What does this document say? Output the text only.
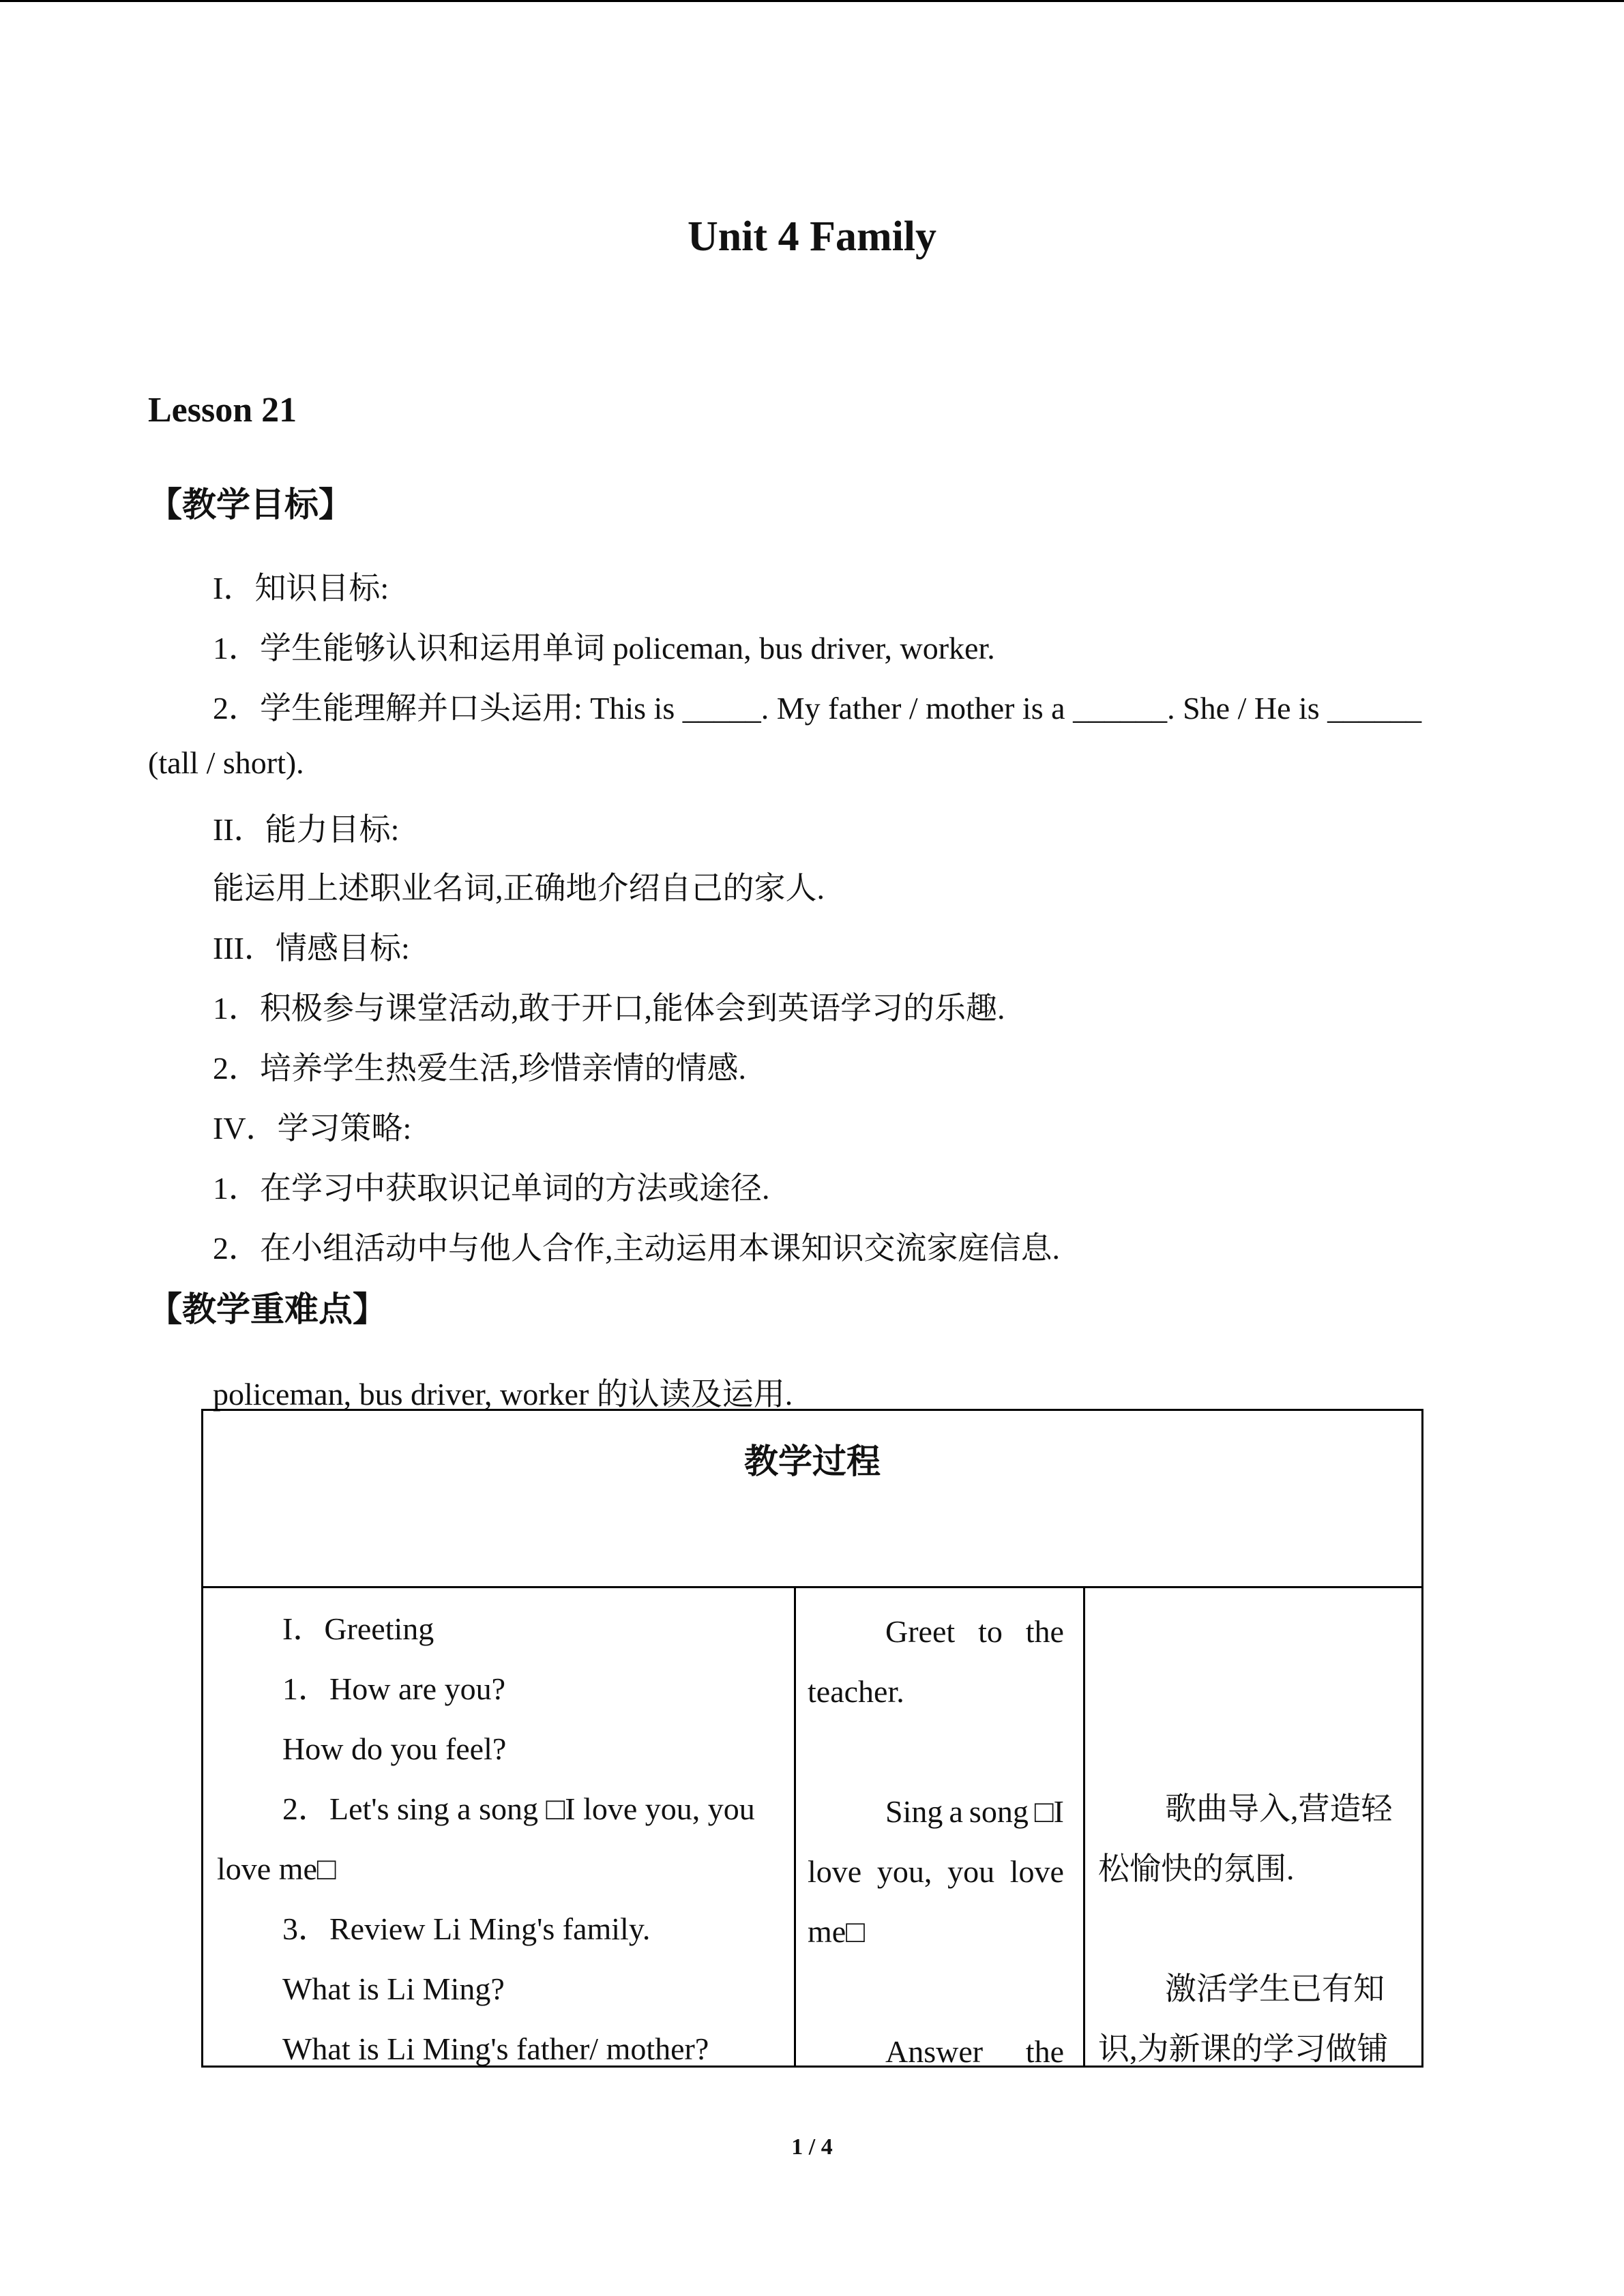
Unit 4 Family
Lesson 21
【教学目标】
I．知识目标:
1．学生能够认识和运用单词 policeman, bus driver, worker.
2．学生能理解并口头运用: This is _____. My father / mother is a ______. She / He is ______
(tall / short).
II．能力目标:
能运用上述职业名词,正确地介绍自己的家人.
III．情感目标:
1．积极参与课堂活动,敢于开口,能体会到英语学习的乐趣.
2．培养学生热爱生活,珍惜亲情的情感.
IV．学习策略:
1．在学习中获取识记单词的方法或途径.
2．在小组活动中与他人合作,主动运用本课知识交流家庭信息.
【教学重难点】
policeman, bus driver, worker 的认读及运用.
教学过程
I．Greeting
1．How are you?
How do you feel?
2．Let's sing a song □I love you, you
love me□
3．Review Li Ming's family.
What is Li Ming?
What is Li Ming's father/ mother?
Greet to the
teacher.
Sing a song □I
love you, you love
me□
Answer the
歌曲导入,营造轻
松愉快的氛围.
激活学生已有知
识,为新课的学习做铺
1 / 4
